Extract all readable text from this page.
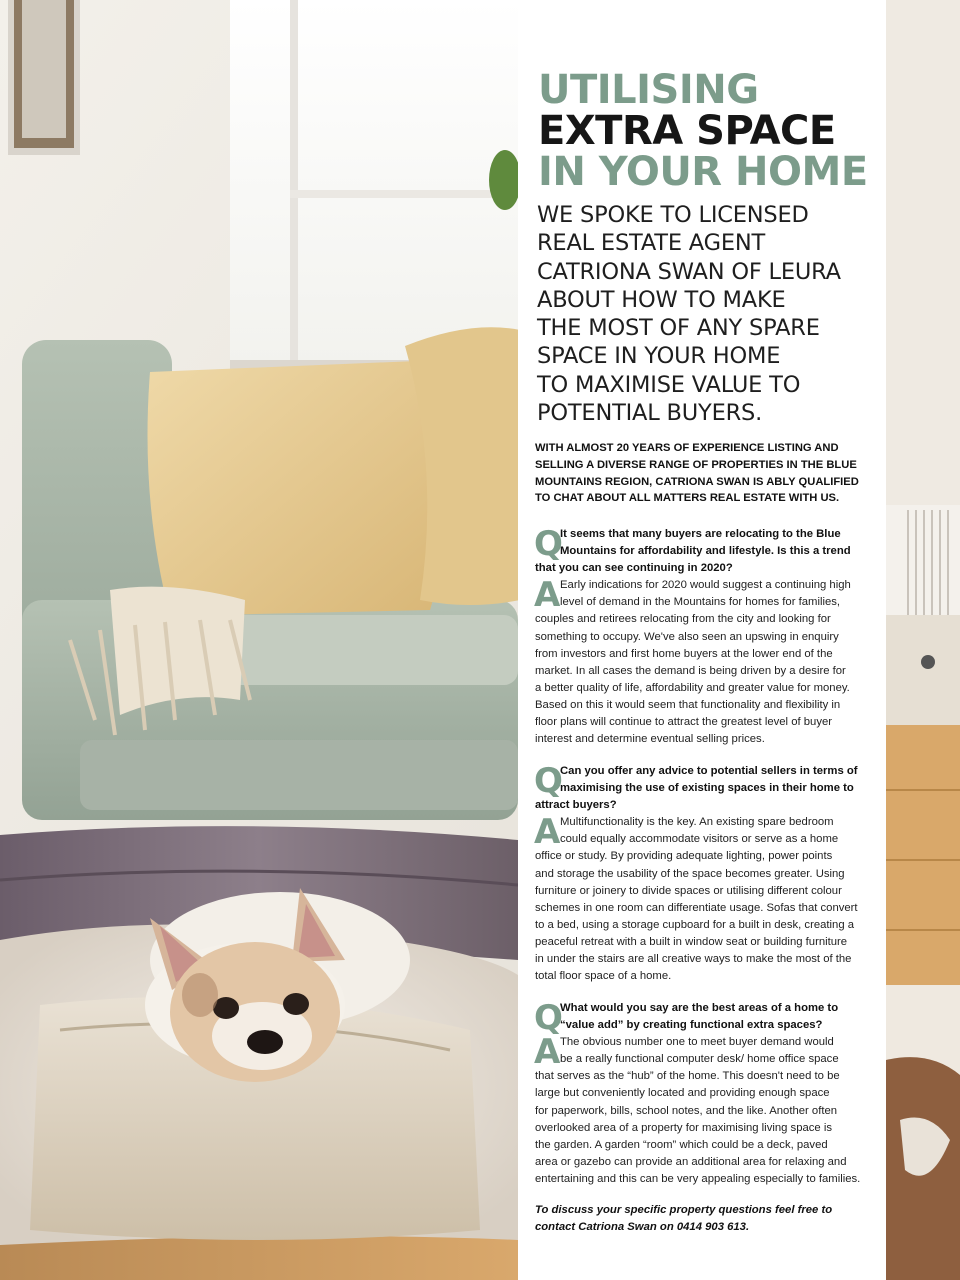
UTILISING
EXTRA SPACE
IN YOUR HOME
WE SPOKE TO LICENSED
REAL ESTATE AGENT
CATRIONA SWAN OF LEURA
ABOUT HOW TO MAKE
THE MOST OF ANY SPARE
SPACE IN YOUR HOME
TO MAXIMISE VALUE TO
POTENTIAL BUYERS.
WITH ALMOST 20 YEARS OF EXPERIENCE LISTING AND
SELLING A DIVERSE RANGE OF PROPERTIES IN THE BLUE
MOUNTAINS REGION, CATRIONA SWAN IS ABLY QUALIFIED
TO CHAT ABOUT ALL MATTERS REAL ESTATE WITH US.
Q
It seems that many buyers are relocating to the Blue
Mountains for affordability and lifestyle. Is this a trend
that you can see continuing in 2020?
A Early indications for 2020 would suggest a continuing high
level of demand in the Mountains for homes for families,
couples and retirees relocating from the city and looking for
something to occupy. We've also seen an upswing in enquiry
from investors and first home buyers at the lower end of the
market. In all cases the demand is being driven by a desire for
a better quality of life, affordability and greater value for money.
Based on this it would seem that functionality and flexibility in
floor plans will continue to attract the greatest level of buyer
interest and determine eventual selling prices.
Q
Can you offer any advice to potential sellers in terms of
maximising the use of existing spaces in their home to
attract buyers?
A Multifunctionality is the key. An existing spare bedroom
could equally accommodate visitors or serve as a home
office or study. By providing adequate lighting, power points
and storage the usability of the space becomes greater. Using
furniture or joinery to divide spaces or utilising different colour
schemes in one room can differentiate usage. Sofas that convert
to a bed, using a storage cupboard for a built in desk, creating a
peaceful retreat with a built in window seat or building furniture
in under the stairs are all creative ways to make the most of the
total floor space of a home.
Q
What would you say are the best areas of a home to
“value add” by creating functional extra spaces?
A The obvious number one to meet buyer demand would
be a really functional computer desk/ home office space
that serves as the “hub” of the home. This doesn't need to be
large but conveniently located and providing enough space
for paperwork, bills, school notes, and the like. Another often
overlooked area of a property for maximising living space is
the garden. A garden “room” which could be a deck, paved
area or gazebo can provide an additional area for relaxing and
entertaining and this can be very appealing especially to families.
To discuss your specific property questions feel free to
contact Catriona Swan on 0414 903 613.
